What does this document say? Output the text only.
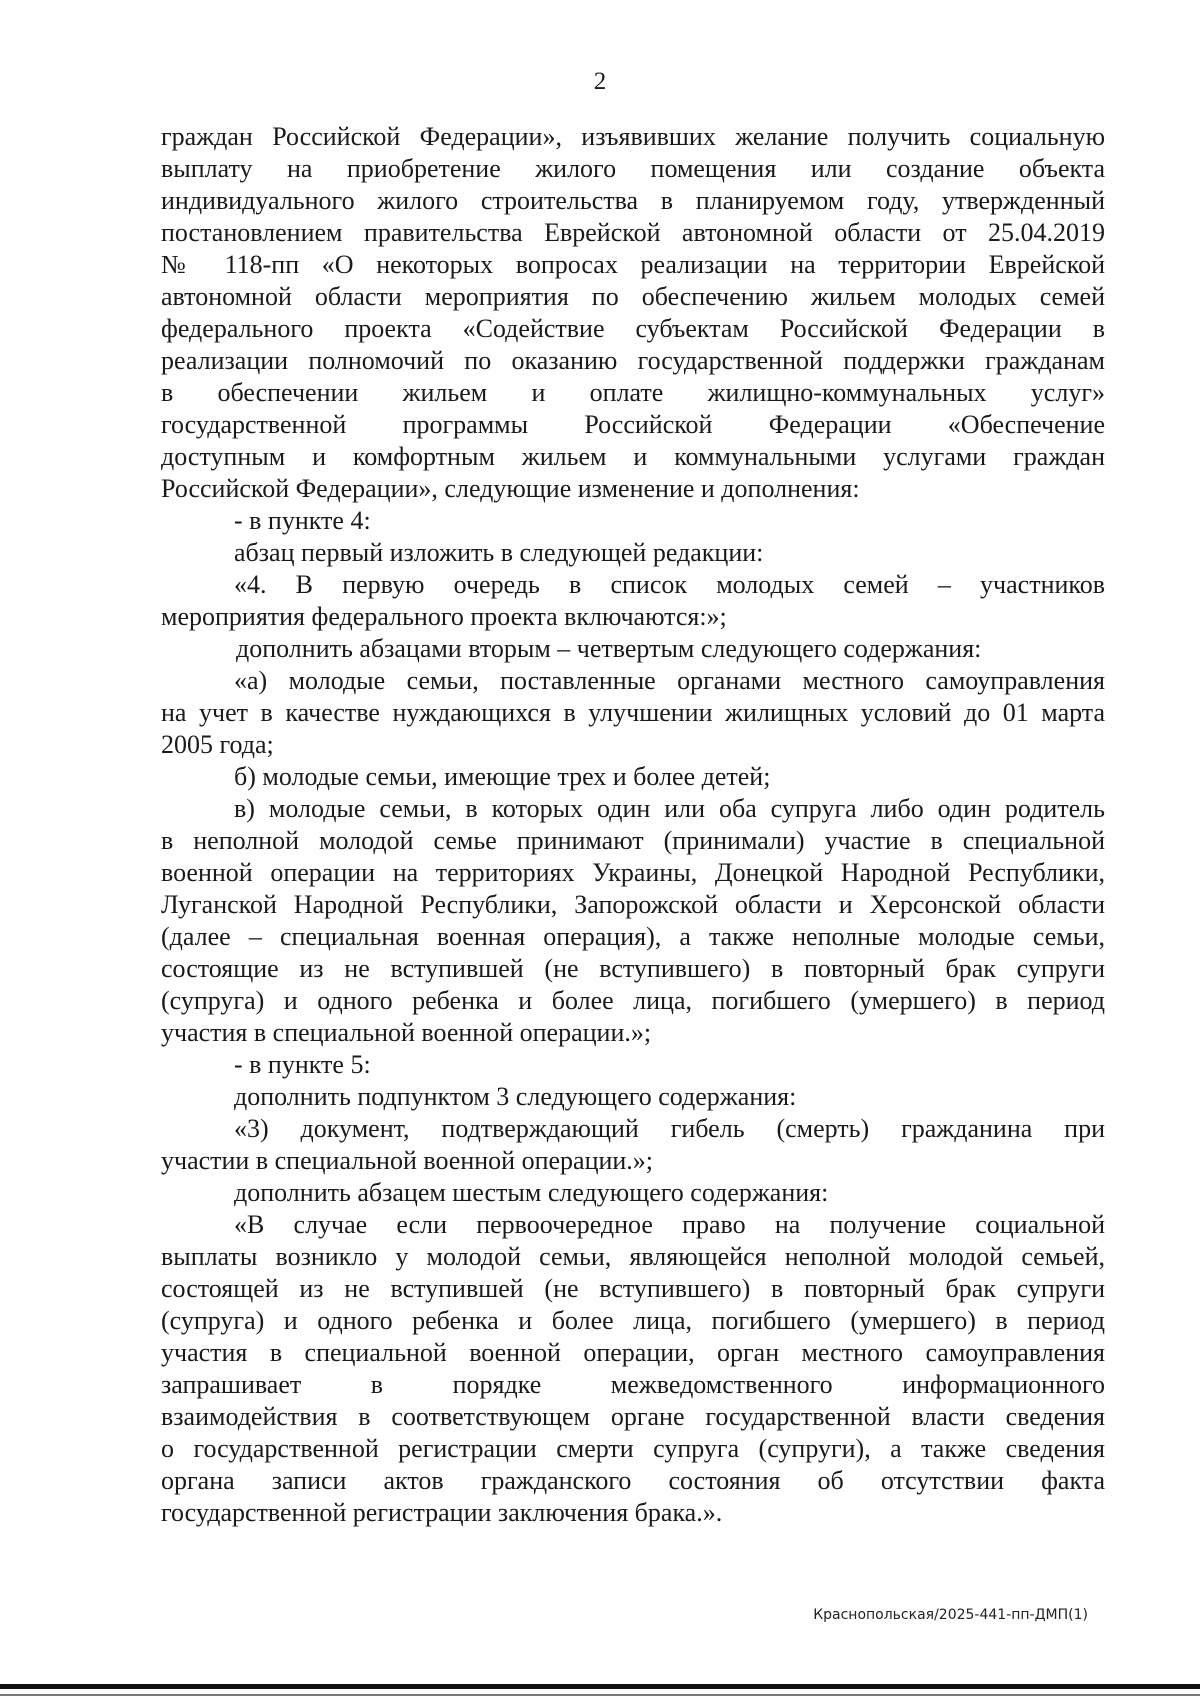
2
граждан Российской Федерации», изъявивших желание получить социальную
выплату на приобретение жилого помещения или создание объекта
индивидуального жилого строительства в планируемом году, утвержденный
постановлением правительства Еврейской автономной области от 25.04.2019
№ 118-пп «О некоторых вопросах реализации на территории Еврейской
автономной области мероприятия по обеспечению жильем молодых семей
федерального проекта «Содействие субъектам Российской Федерации в
реализации полномочий по оказанию государственной поддержки гражданам
в обеспечении жильем и оплате жилищно-коммунальных услуг»
государственной программы Российской Федерации «Обеспечение
доступным и комфортным жильем и коммунальными услугами граждан
Российской Федерации», следующие изменение и дополнения:
- в пункте 4:
абзац первый изложить в следующей редакции:
«4. В первую очередь в список молодых семей – участников
мероприятия федерального проекта включаются:»;
дополнить абзацами вторым – четвертым следующего содержания:
«а) молодые семьи, поставленные органами местного самоуправления
на учет в качестве нуждающихся в улучшении жилищных условий до 01 марта
2005 года;
б) молодые семьи, имеющие трех и более детей;
в) молодые семьи, в которых один или оба супруга либо один родитель
в неполной молодой семье принимают (принимали) участие в специальной
военной операции на территориях Украины, Донецкой Народной Республики,
Луганской Народной Республики, Запорожской области и Херсонской области
(далее – специальная военная операция), а также неполные молодые семьи,
состоящие из не вступившей (не вступившего) в повторный брак супруги
(супруга) и одного ребенка и более лица, погибшего (умершего) в период
участия в специальной военной операции.»;
- в пункте 5:
дополнить подпунктом 3 следующего содержания:
«3) документ, подтверждающий гибель (смерть) гражданина при
участии в специальной военной операции.»;
дополнить абзацем шестым следующего содержания:
«В случае если первоочередное право на получение социальной
выплаты возникло у молодой семьи, являющейся неполной молодой семьей,
состоящей из не вступившей (не вступившего) в повторный брак супруги
(супруга) и одного ребенка и более лица, погибшего (умершего) в период
участия в специальной военной операции, орган местного самоуправления
запрашивает в порядке межведомственного информационного
взаимодействия в соответствующем органе государственной власти сведения
о государственной регистрации смерти супруга (супруги), а также сведения
органа записи актов гражданского состояния об отсутствии факта
государственной регистрации заключения брака.».
Краснопольская/2025-441-пп-ДМП(1)
